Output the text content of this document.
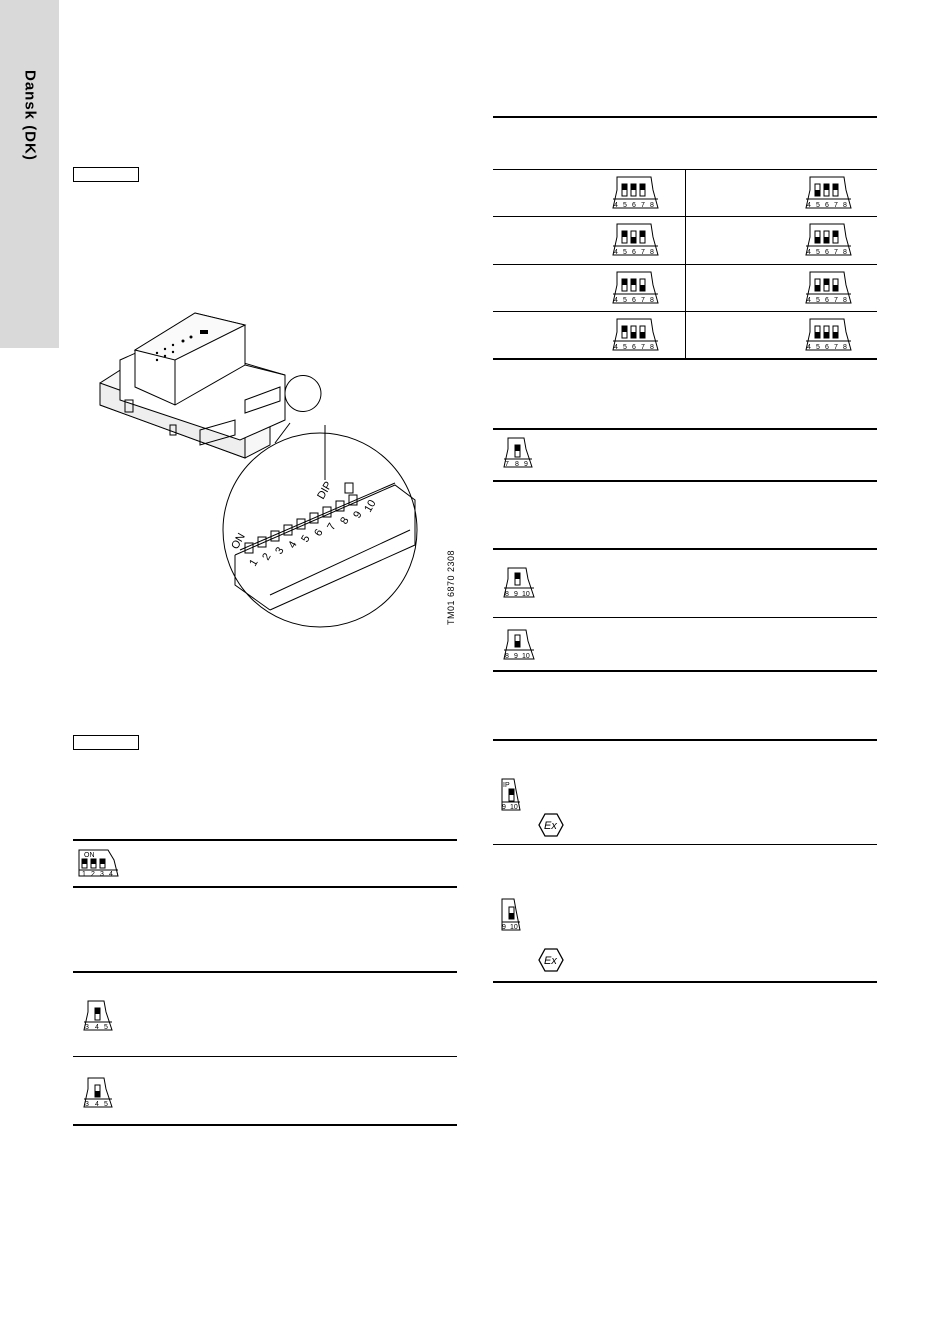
Dansk (DK)
ON
DIP
1
2
3
4
5
6
7
8
9
10
TM01 6870 2308
ON
1 2 3 4
3 4 5
3 4 5
4 5 6 7 8	4 5 6 7 8
4 5 6 7 8	4 5 6 7 8
4 5 6 7 8	4 5 6 7 8
4 5 6 7 8	4 5 6 7 8
7 8 9
8 9 10
8 9 10
IP
9 10
Ex
9 10
Ex
